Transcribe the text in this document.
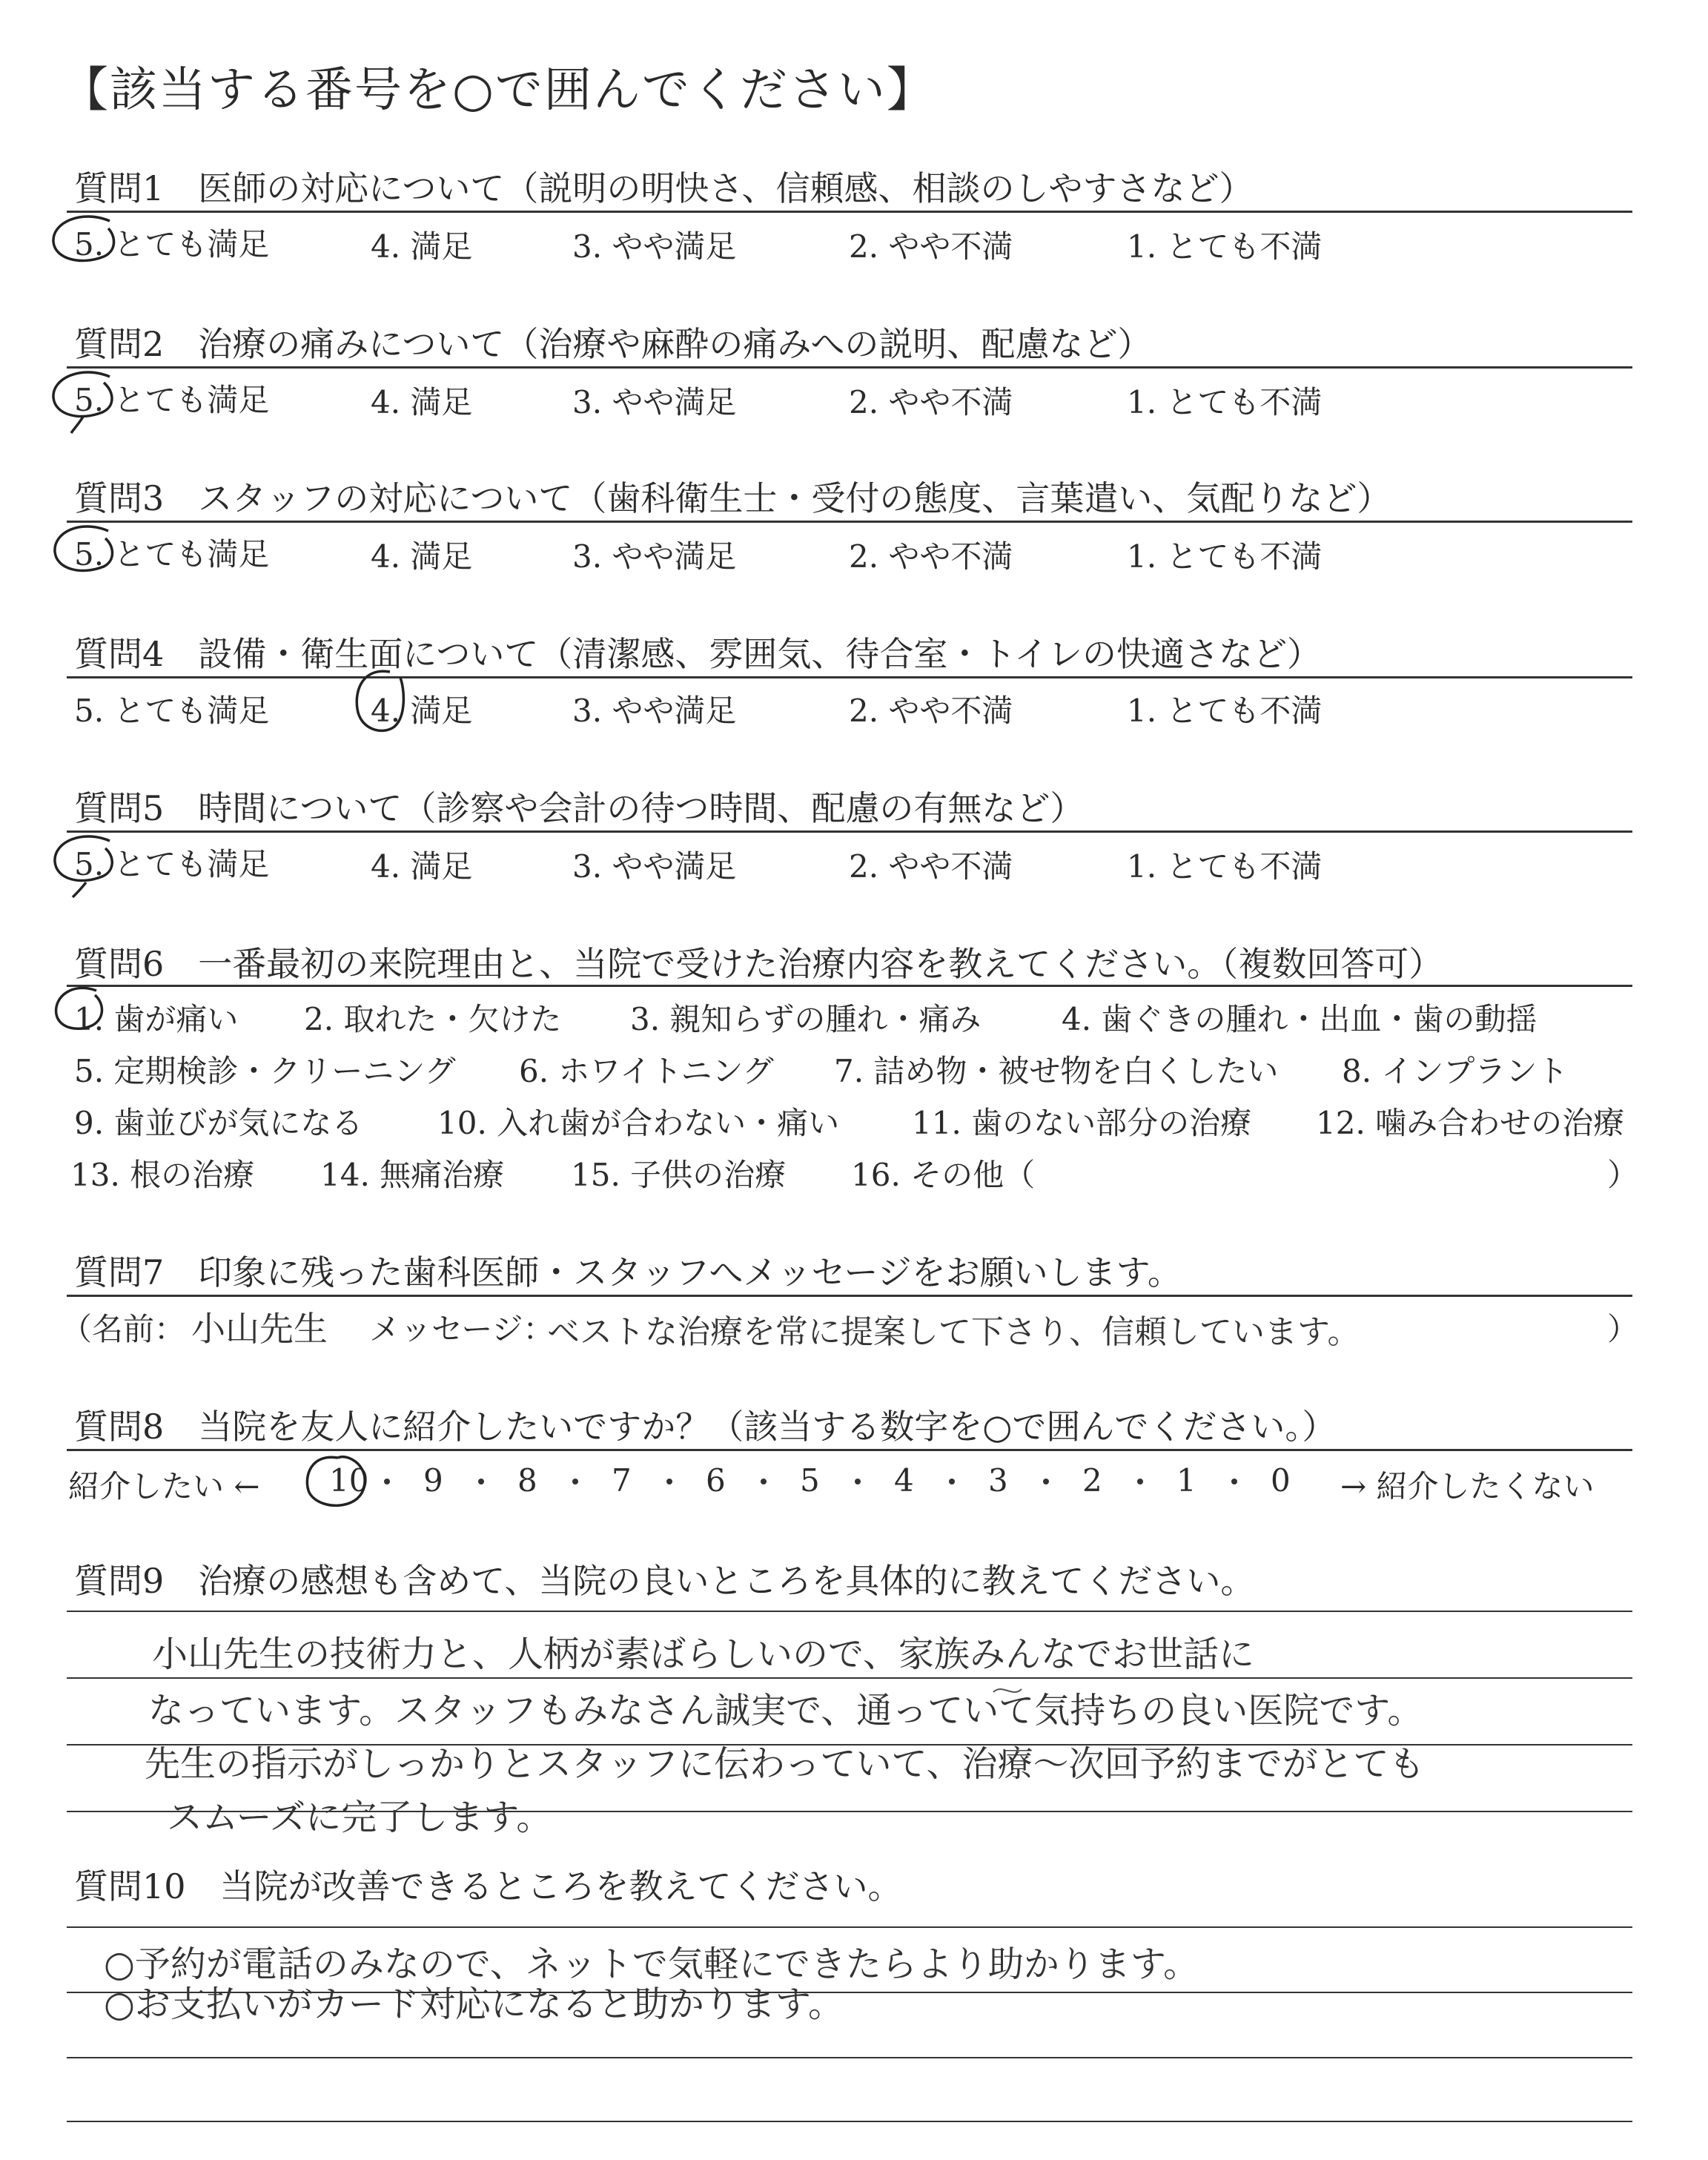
【該当する番号を○で囲んでください】
質問1　医師の対応について（説明の明快さ、信頼感、相談のしやすさなど）
5. とても満足	4. 満足	3. やや満足	2. やや不満	1. とても不満
質問2　治療の痛みについて（治療や麻酔の痛みへの説明、配慮など）
5. とても満足	4. 満足	3. やや満足	2. やや不満	1. とても不満
質問3　スタッフの対応について（歯科衛生士・受付の態度、言葉遣い、気配りなど）
5. とても満足	4. 満足	3. やや満足	2. やや不満	1. とても不満
質問4　設備・衛生面について（清潔感、雰囲気、待合室・トイレの快適さなど）
5. とても満足	4. 満足	3. やや満足	2. やや不満	1. とても不満
質問5　時間について（診察や会計の待つ時間、配慮の有無など）
5. とても満足	4. 満足	3. やや満足	2. やや不満	1. とても不満
質問6　一番最初の来院理由と、当院で受けた治療内容を教えてください。（複数回答可）
1. 歯が痛い 2. 取れた・欠けた 3. 親知らずの腫れ・痛み	4. 歯ぐきの腫れ・出血・歯の動揺
5. 定期検診・クリーニング 6. ホワイトニング 7. 詰め物・被せ物を白くしたい 8. インプラント
9. 歯並びが気になる 10. 入れ歯が合わない・痛い 11. 歯のない部分の治療 12. 噛み合わせの治療
13. 根の治療 14. 無痛治療 15. 子供の治療 16. その他（	）
質問7　印象に残った歯科医師・スタッフへメッセージをお願いします。
（名前： 小山先生 メッセージ：
ベストな治療を常に提案して下さり、信頼しています。	）
質問8　当院を友人に紹介したいですか？（該当する数字を○で囲んでください。）
紹介したい ← 10 9 8 7 6 5 4 3 2 1 0 → 紹介したくない
質問9　治療の感想も含めて、当院の良いところを具体的に教えてください。
小山先生の技術力と、人柄が素ばらしいので、家族みんなでお世話に
なっています。スタッフもみなさん誠実で、通っていて気持ちの良い医院です。
先生の指示がしっかりとスタッフに伝わっていて、治療～次回予約までがとても
スムーズに完了します。
質問10　当院が改善できるところを教えてください。
○予約が電話のみなので、ネットで気軽にできたらより助かります。
○お支払いがカード対応になると助かります。
